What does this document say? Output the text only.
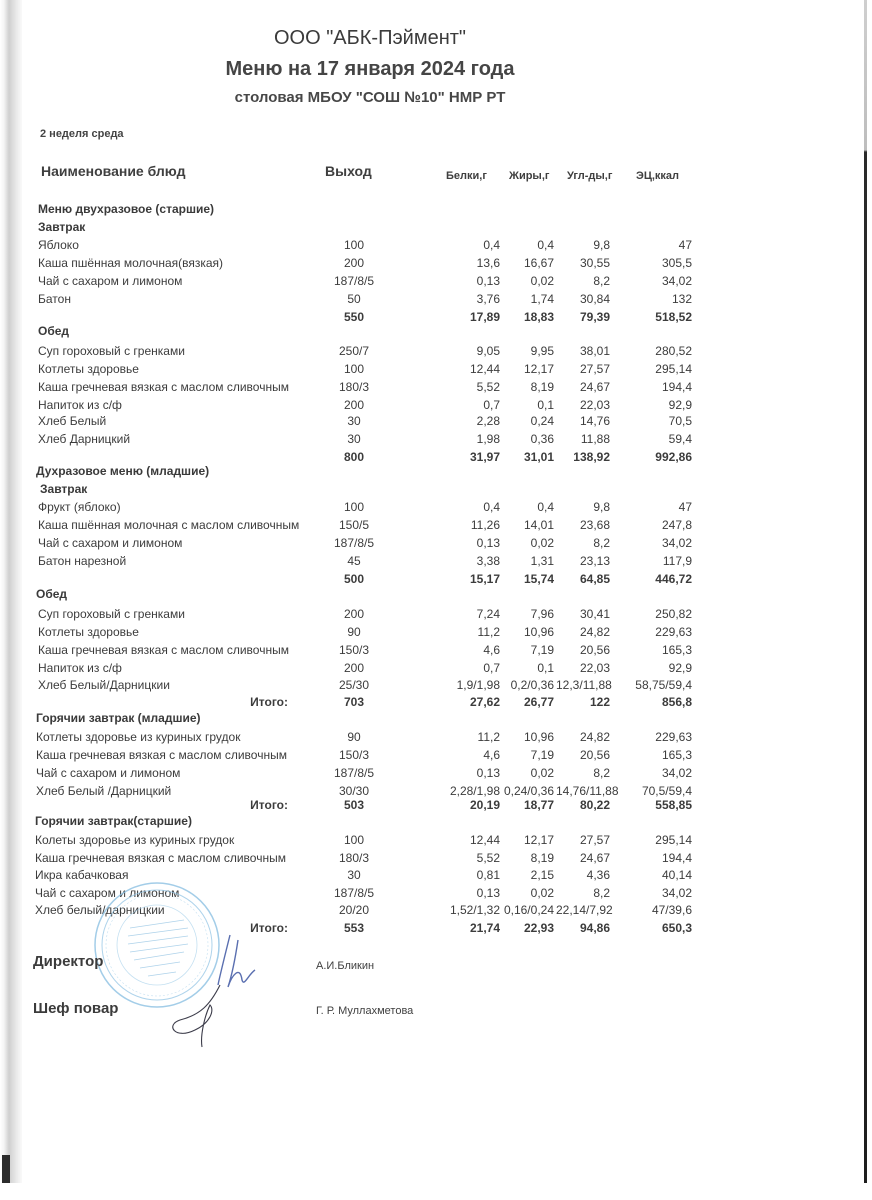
ООО "АБК-Пэймент"
Меню на 17 января 2024 года
столовая МБОУ "СОШ №10" НМР РТ
2 неделя среда
Наименование блюд	Выход	Белки,г Жиры,г Угл-ды,г ЭЦ,ккал
Меню двухразовое (старшие)
Завтрак
Яблоко	100	0,4	0,4	9,8	47
Каша пшённая молочная(вязкая)	200	13,6	16,67	30,55	305,5
Чай с сахаром и лимоном	187/8/5	0,13	0,02	8,2	34,02
Батон	50	3,76	1,74	30,84	132
550	17,89	18,83	79,39	518,52
Обед
Суп гороховый с гренками	250/7	9,05	9,95	38,01	280,52
Котлеты здоровье	100	12,44	12,17	27,57	295,14
Каша гречневая вязкая с маслом сливочным	180/3	5,52	8,19	24,67	194,4
Напиток из с/ф	200	0,7	0,1	22,03	92,9
Хлеб Белый	30	2,28	0,24	14,76	70,5
Хлеб Дарницкий	30	1,98	0,36	11,88	59,4
800	31,97	31,01	138,92	992,86
Духразовое меню (младшие)
Завтрак
Фрукт (яблоко)	100	0,4	0,4	9,8	47
Каша пшённая молочная с маслом сливочным	150/5	11,26	14,01	23,68	247,8
Чай с сахаром и лимоном	187/8/5	0,13	0,02	8,2	34,02
Батон нарезной	45	3,38	1,31	23,13	117,9
500	15,17	15,74	64,85	446,72
Обед
Суп гороховый с гренками	200	7,24	7,96	30,41	250,82
Котлеты здоровье	90	11,2	10,96	24,82	229,63
Каша гречневая вязкая с маслом сливочным	150/3	4,6	7,19	20,56	165,3
Напиток из с/ф	200	0,7	0,1	22,03	92,9
Хлеб Белый/Дарницкии	25/30	1,9/1,98 0,2/0,36 12,3/11,88	58,75/59,4
Итого:	703	27,62	26,77	122	856,8
Горячии завтрак (младшие)
Котлеты здоровье из куриных грудок	90	11,2	10,96	24,82	229,63
Каша гречневая вязкая с маслом сливочным	150/3	4,6	7,19	20,56	165,3
Чай с сахаром и лимоном	187/8/5	0,13	0,02	8,2	34,02
Хлеб Белый /Дарницкий	30/30	2,28/1,98 0,24/0,36 14,76/11,88	70,5/59,4
Итого:	503	20,19	18,77	80,22	558,85
Горячии завтрак(старшие)
Колеты здоровье из куриных грудок	100	12,44	12,17	27,57	295,14
Каша гречневая вязкая с маслом сливочным	180/3	5,52	8,19	24,67	194,4
Икра кабачковая	30	0,81	2,15	4,36	40,14
Чай с сахаром и лимоном	187/8/5	0,13	0,02	8,2	34,02
Хлеб белый/дарницкии	20/20	1,52/1,32 0,16/0,24 22,14/7,92	47/39,6
Итого:	553	21,74	22,93	94,86	650,3
Директор	А.И.Бликин
Шеф повар	Г. Р. Муллахметова
